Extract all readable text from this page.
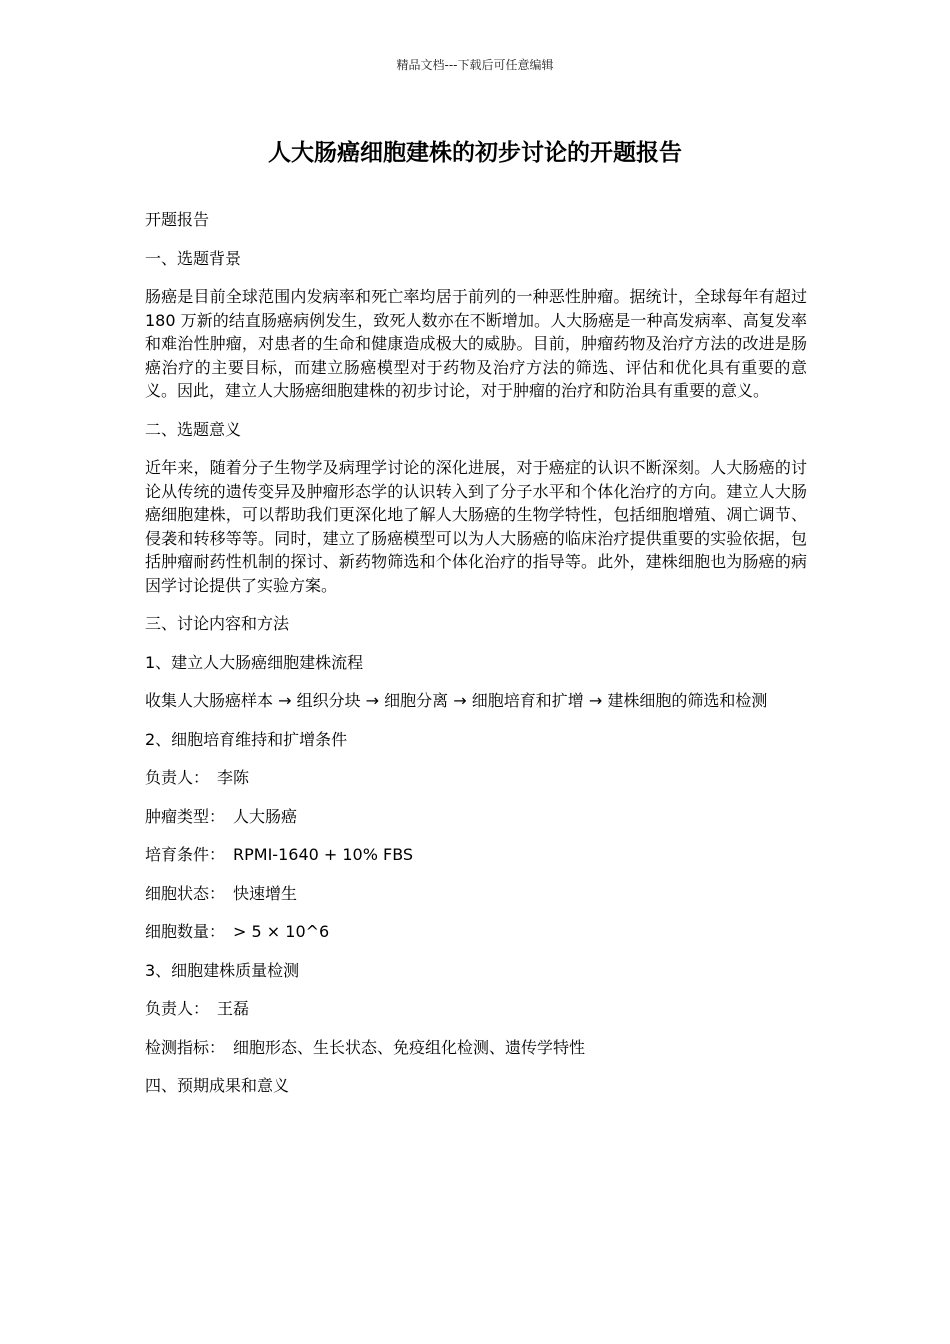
精品文档---下载后可任意编辑
人大肠癌细胞建株的初步讨论的开题报告

开题报告

一、选题背景

肠癌是目前全球范围内发病率和死亡率均居于前列的一种恶性肿瘤。据统计，全球每年有超过 180 万新的结直肠癌病例发生，致死人数亦在不断增加。人大肠癌是一种高发病率、高复发率和难治性肿瘤，对患者的生命和健康造成极大的威胁。目前，肿瘤药物及治疗方法的改进是肠癌治疗的主要目标，而建立肠癌模型对于药物及治疗方法的筛选、评估和优化具有重要的意义。因此，建立人大肠癌细胞建株的初步讨论，对于肿瘤的治疗和防治具有重要的意义。

二、选题意义

近年来，随着分子生物学及病理学讨论的深化进展，对于癌症的认识不断深刻。人大肠癌的讨论从传统的遗传变异及肿瘤形态学的认识转入到了分子水平和个体化治疗的方向。建立人大肠癌细胞建株，可以帮助我们更深化地了解人大肠癌的生物学特性，包括细胞增殖、凋亡调节、侵袭和转移等等。同时，建立了肠癌模型可以为人大肠癌的临床治疗提供重要的实验依据，包括肿瘤耐药性机制的探讨、新药物筛选和个体化治疗的指导等。此外，建株细胞也为肠癌的病因学讨论提供了实验方案。

三、讨论内容和方法

1、建立人大肠癌细胞建株流程

收集人大肠癌样本 → 组织分块 → 细胞分离 → 细胞培育和扩增 → 建株细胞的筛选和检测

2、细胞培育维持和扩增条件

负责人： 李陈

肿瘤类型： 人大肠癌

培育条件： RPMI-1640 + 10% FBS

细胞状态： 快速增生

细胞数量： > 5 × 10^6

3、细胞建株质量检测

负责人： 王磊

检测指标： 细胞形态、生长状态、免疫组化检测、遗传学特性

四、预期成果和意义
